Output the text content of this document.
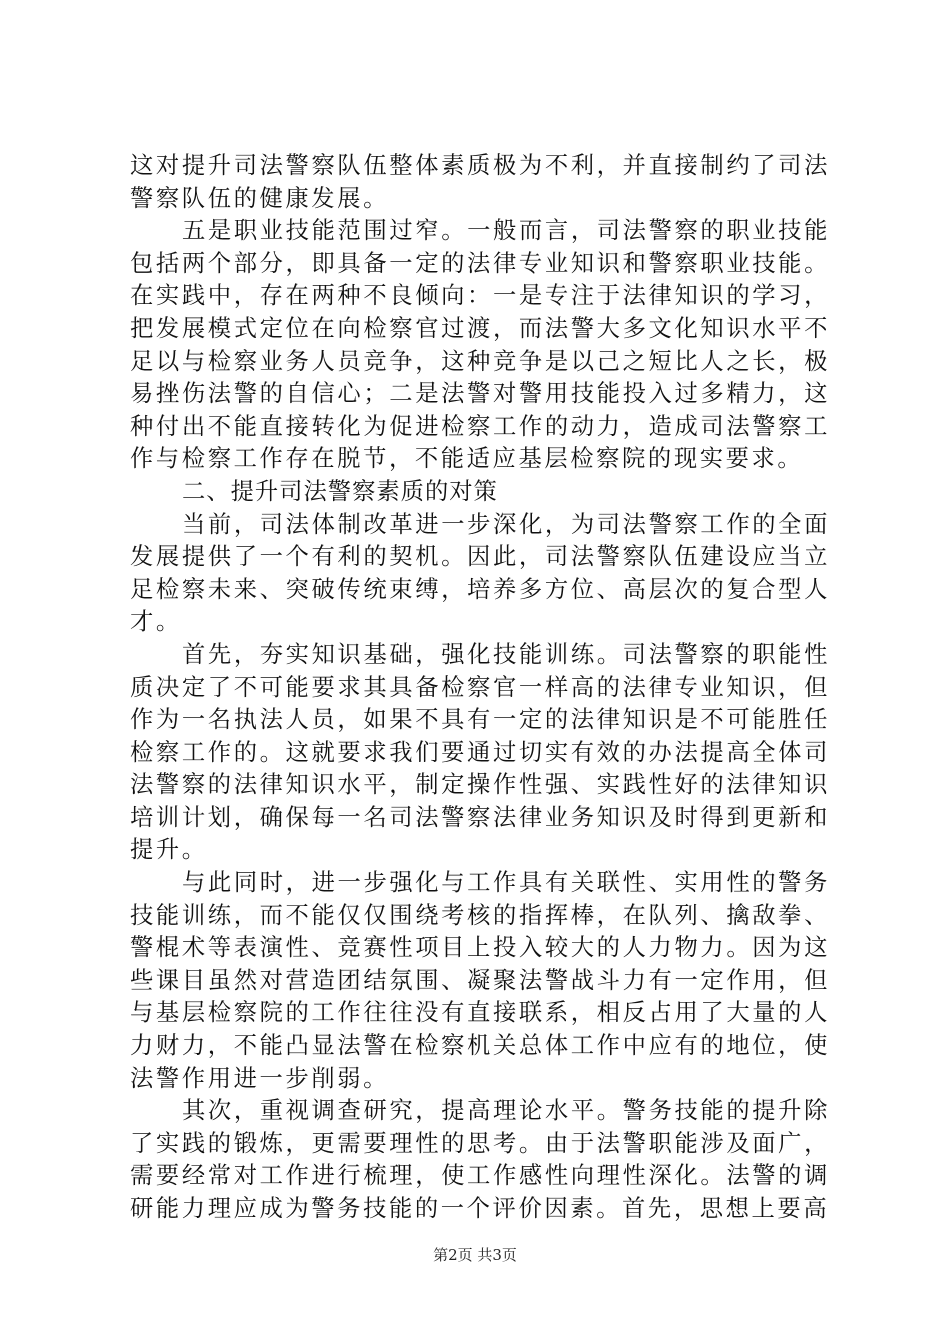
这对提升司法警察队伍整体素质极为不利，并直接制约了司法警察队伍的健康发展。

五是职业技能范围过窄。一般而言，司法警察的职业技能包括两个部分，即具备一定的法律专业知识和警察职业技能。在实践中，存在两种不良倾向：一是专注于法律知识的学习，把发展模式定位在向检察官过渡，而法警大多文化知识水平不足以与检察业务人员竞争，这种竞争是以己之短比人之长，极易挫伤法警的自信心；二是法警对警用技能投入过多精力，这种付出不能直接转化为促进检察工作的动力，造成司法警察工作与检察工作存在脱节，不能适应基层检察院的现实要求。

二、提升司法警察素质的对策

当前，司法体制改革进一步深化，为司法警察工作的全面发展提供了一个有利的契机。因此，司法警察队伍建设应当立足检察未来、突破传统束缚，培养多方位、高层次的复合型人才。

首先，夯实知识基础，强化技能训练。司法警察的职能性质决定了不可能要求其具备检察官一样高的法律专业知识，但作为一名执法人员，如果不具有一定的法律知识是不可能胜任检察工作的。这就要求我们要通过切实有效的办法提高全体司法警察的法律知识水平，制定操作性强、实践性好的法律知识培训计划，确保每一名司法警察法律业务知识及时得到更新和提升。

与此同时，进一步强化与工作具有关联性、实用性的警务技能训练，而不能仅仅围绕考核的指挥棒，在队列、擒敌拳、警棍术等表演性、竞赛性项目上投入较大的人力物力。因为这些课目虽然对营造团结氛围、凝聚法警战斗力有一定作用，但与基层检察院的工作往往没有直接联系，相反占用了大量的人力财力，不能凸显法警在检察机关总体工作中应有的地位，使法警作用进一步削弱。

其次，重视调查研究，提高理论水平。警务技能的提升除了实践的锻炼，更需要理性的思考。由于法警职能涉及面广，需要经常对工作进行梳理，使工作感性向理性深化。法警的调研能力理应成为警务技能的一个评价因素。首先，思想上要高

第2页 共3页
